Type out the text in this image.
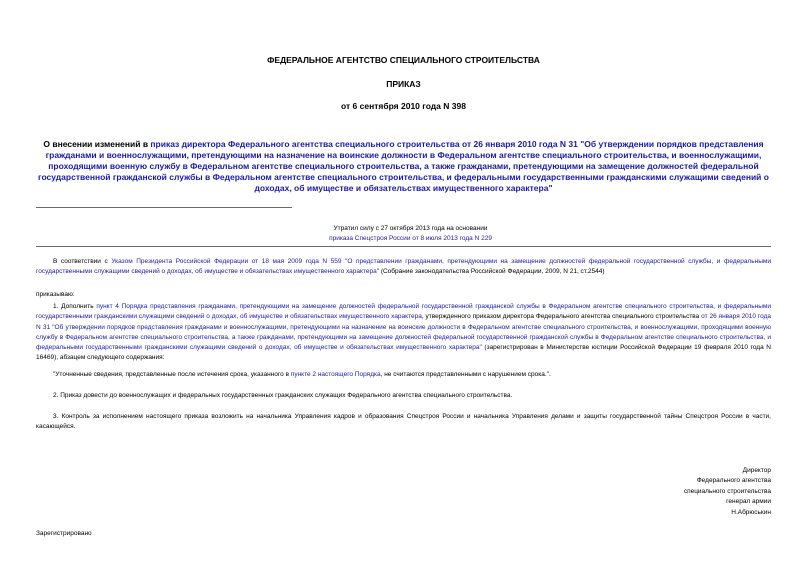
ФЕДЕРАЛЬНОЕ АГЕНТСТВО СПЕЦИАЛЬНОГО СТРОИТЕЛЬСТВА
ПРИКАЗ
от 6 сентября 2010 года N 398
О внесении изменений в приказ директора Федерального агентства специального строительства от 26 января 2010 года N 31 "Об утверждении порядков представления гражданами и военнослужащими, претендующими на назначение на воинские должности в Федеральном агентстве специального строительства, и военнослужащими, проходящими военную службу в Федеральном агентстве специального строительства, а также гражданами, претендующими на замещение должностей федеральной государственной гражданской службы в Федеральном агентстве специального строительства, и федеральными государственными гражданскими служащими сведений о доходах, об имуществе и обязательствах имущественного характера"
Утратил силу с 27 октября 2013 года на основании
приказа Спецстроя России от 8 июля 2013 года N 229
В соответствии с Указом Президента Российской Федерации от 18 мая 2009 года N 559 "О представлении гражданами, претендующими на замещение должностей федеральной государственной службы, и федеральными государственными служащими сведений о доходах, об имуществе и обязательствах имущественного характера" (Собрание законодательства Российской Федерации, 2009, N 21, ст.2544)
приказываю:
1. Дополнить пункт 4 Порядка представления гражданами, претендующими на замещение должностей федеральной государственной гражданской службы в Федеральном агентстве специального строительства, и федеральными государственными гражданскими служащими сведений о доходах, об имуществе и обязательствах имущественного характера, утвержденного приказом директора Федерального агентства специального строительства от 26 января 2010 года N 31 "Об утверждении порядков представления гражданами и военнослужащими, претендующими на назначение на воинские должности в Федеральном агентстве специального строительства, и военнослужащими, проходящими военную службу в Федеральном агентстве специального строительства, а также гражданами, претендующими на замещение должностей федеральной государственной гражданской службы в Федеральном агентстве специального строительства, и федеральными государственными гражданскими служащими сведений о доходах, об имуществе и обязательствах имущественного характера" (зарегистрирован в Министерстве юстиции Российской Федерации 19 февраля 2010 года N 16469), абзацем следующего содержания:
"Уточненные сведения, представленные после истечения срока, указанного в пункте 2 настоящего Порядка, не считаются представленными с нарушением срока.".
2. Приказ довести до военнослужащих и федеральных государственных гражданских служащих Федерального агентства специального строительства.
3. Контроль за исполнением настоящего приказа возложить на начальника Управления кадров и образования Спецстроя России и начальника Управления делами и защиты государственной тайны Спецстроя России в части, касающейся.
Директор
Федерального агентства
специального строительства
генерал армии
Н.Абрюськин
Зарегистрировано
